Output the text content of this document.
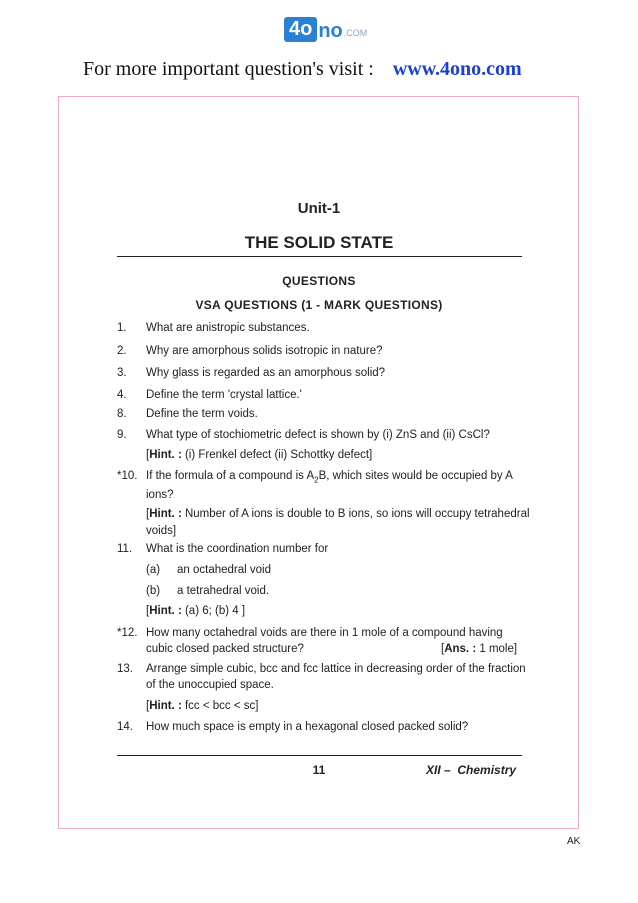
4o no .COM
For more important question's visit : www.4ono.com
Unit-1
THE SOLID STATE
QUESTIONS
VSA QUESTIONS (1 - MARK QUESTIONS)
1. What are anistropic substances.
2. Why are amorphous solids isotropic in nature?
3. Why glass is regarded as an amorphous solid?
4. Define the term 'crystal lattice.'
8. Define the term voids.
9. What type of stochiometric defect is shown by (i) ZnS and (ii) CsCl?
[Hint. : (i) Frenkel defect (ii) Schottky defect]
*10. If the formula of a compound is $A_2B$, which sites would be occupied by A
ions?
[Hint. : Number of A ions is double to B ions, so ions will occupy tetrahedral
voids]
11. What is the coordination number for
(a) an octahedral void
(b) a tetrahedral void.
[Hint. : (a) 6; (b) 4 ]
*12. How many octahedral voids are there in 1 mole of a compound having
cubic closed packed structure?	[Ans. : 1 mole]
13. Arrange simple cubic, bcc and fcc lattice in decreasing order of the fraction
of the unoccupied space.
[Hint. : fcc < bcc < sc]
14. How much space is empty in a hexagonal closed packed solid?
11	XII –  Chemistry
AK
